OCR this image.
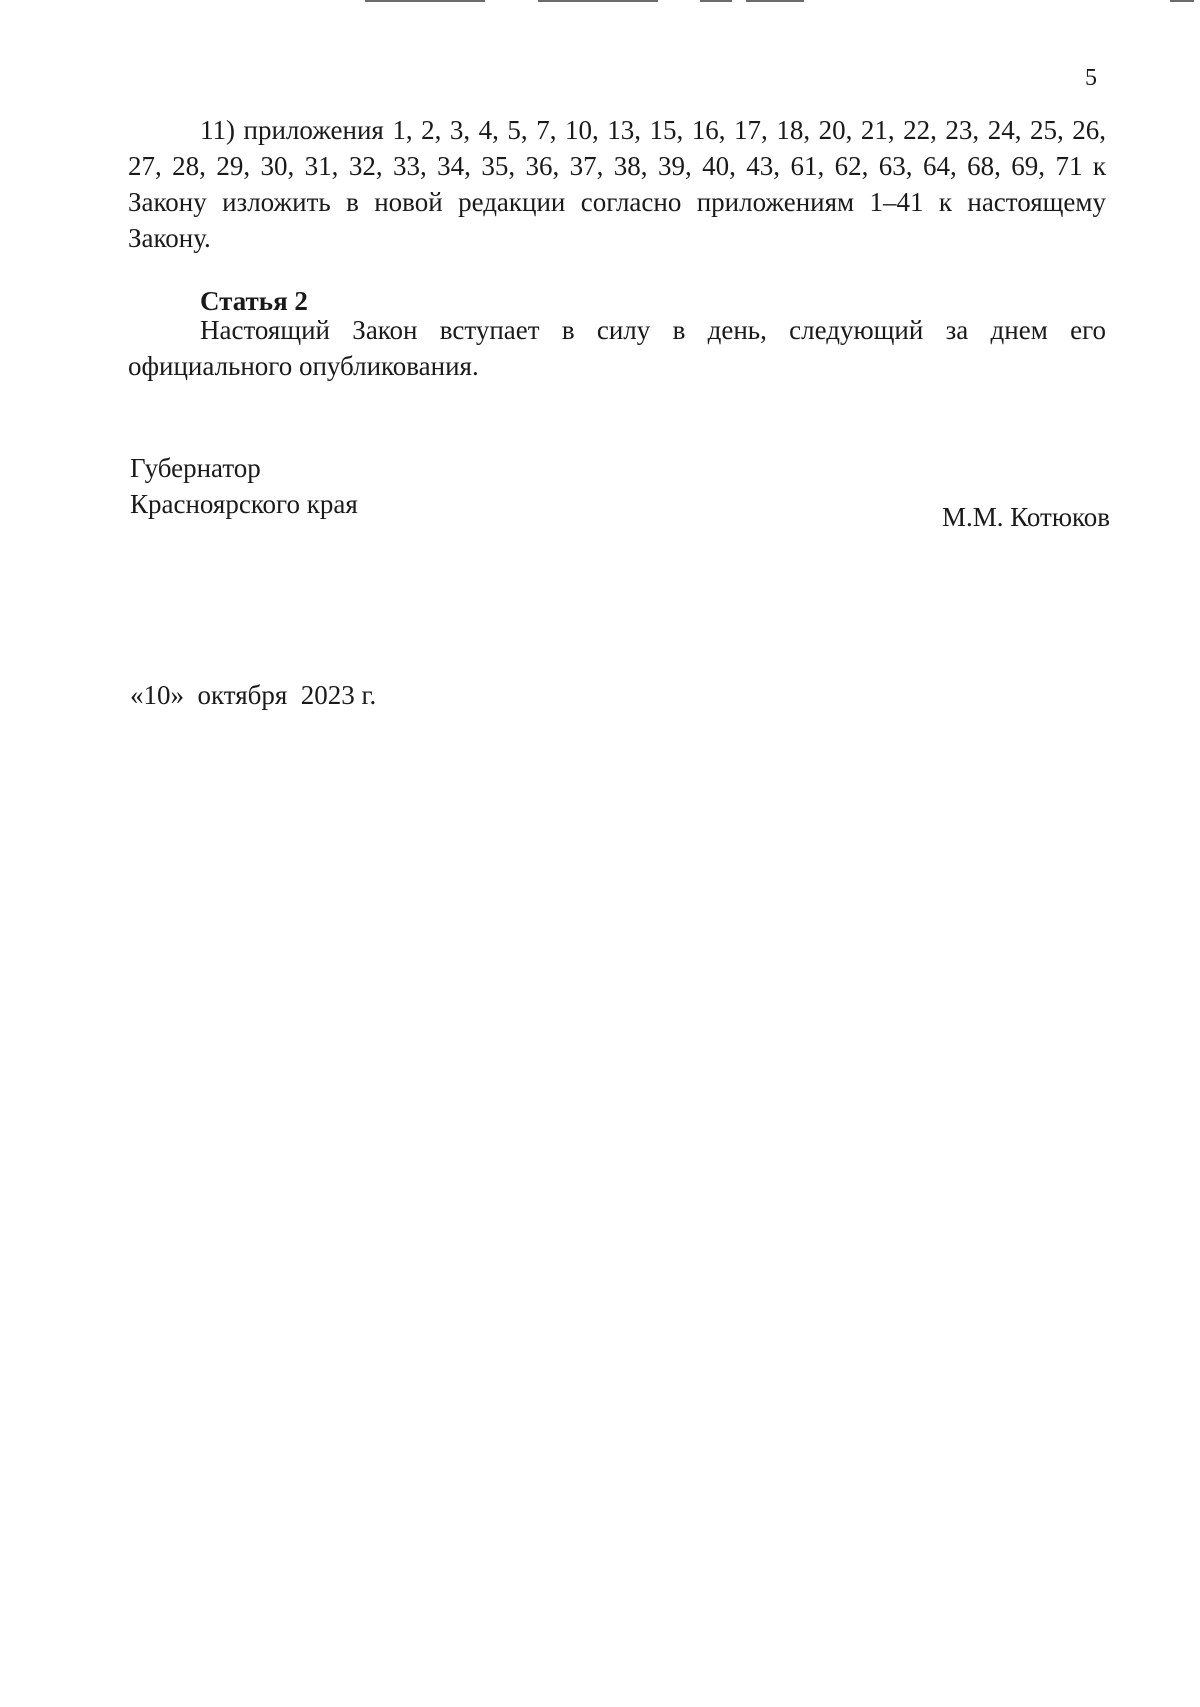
5

11) приложения 1, 2, 3, 4, 5, 7, 10, 13, 15, 16, 17, 18, 20, 21, 22, 23, 24, 25, 26, 27, 28, 29, 30, 31, 32, 33, 34, 35, 36, 37, 38, 39, 40, 43, 61, 62, 63, 64, 68, 69, 71 к Закону изложить в новой редакции согласно приложениям 1–41 к настоящему Закону.

Статья 2

Настоящий Закон вступает в силу в день, следующий за днем его официального опубликования.

Губернатор
Красноярского края	М.М. Котюков
«10»  октября  2023 г.
